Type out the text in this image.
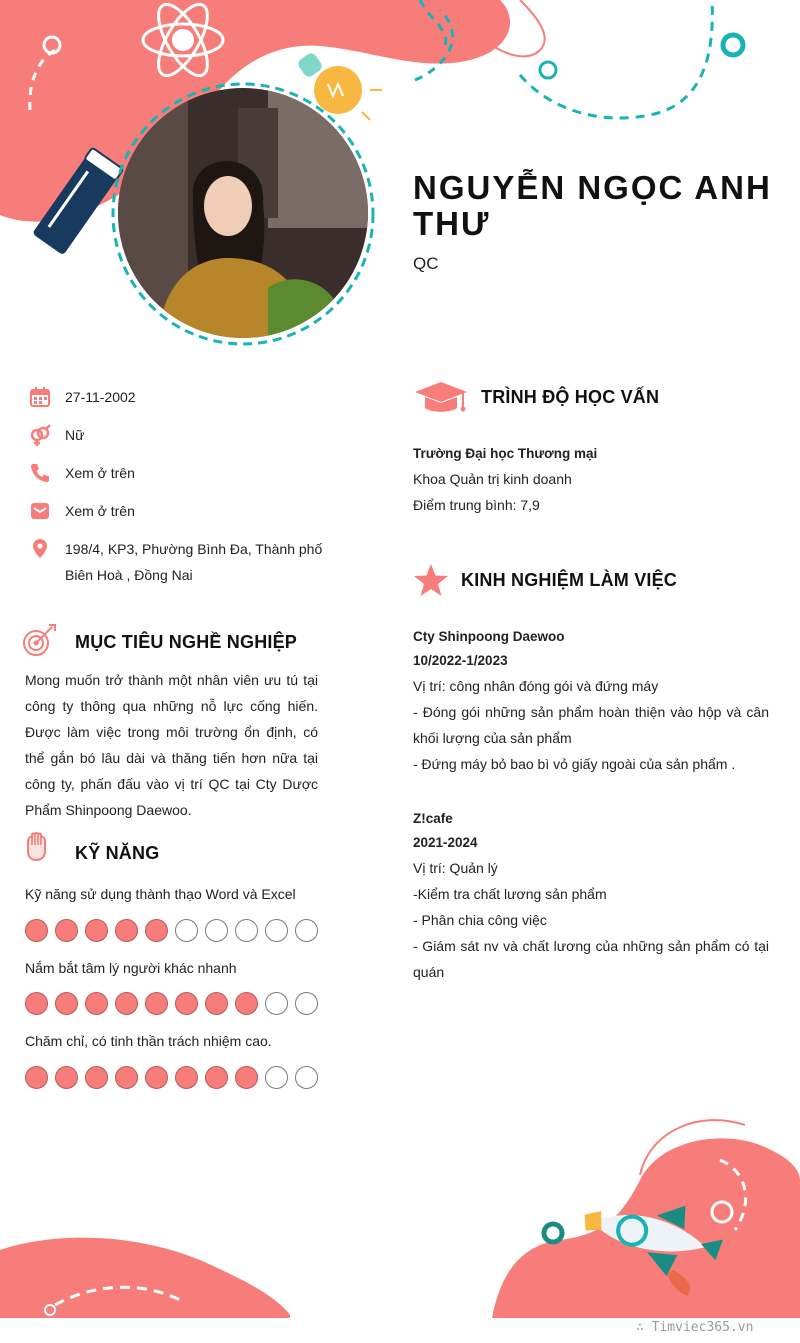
NGUYỄN NGỌC ANH THƯ
QC
27-11-2002
Nữ
Xem ở trên
Xem ở trên
198/4, KP3, Phường Bình Đa, Thành phố Biên Hoà , Đồng Nai
MỤC TIÊU NGHỀ NGHIỆP
Mong muốn trở thành một nhân viên ưu tú tại công ty thông qua những nỗ lực cống hiến. Được làm việc trong môi trường ổn định, có thể gắn bó lâu dài và thăng tiến hơn nữa tại công ty, phấn đấu vào vị trí QC tại Cty Dược Phẩm Shinpoong Daewoo.
KỸ NĂNG
Kỹ năng sử dụng thành thạo Word và Excel
Nắm bắt tâm lý người khác nhanh
Chăm chỉ, có tinh thần trách nhiệm cao.
TRÌNH ĐỘ HỌC VẤN
Trường Đại học Thương mại
Khoa Quản trị kinh doanh
Điểm trung bình: 7,9
KINH NGHIỆM LÀM VIỆC
Cty Shinpoong Daewoo
10/2022-1/2023
Vị trí: công nhân đóng gói và đứng máy
- Đóng gói những sản phẩm hoàn thiện vào hộp và cân khối lượng của sản phẩm
- Đứng máy bỏ bao bì vỏ giấy ngoài của sản phẩm .
Z!cafe
2021-2024
Vị trí: Quản lý
-Kiểm tra chất lương sản phẩm
- Phân chia công việc
- Giám sát nv và chất lương của những sản phẩm có tại quán
∴ Timviec365.vn
